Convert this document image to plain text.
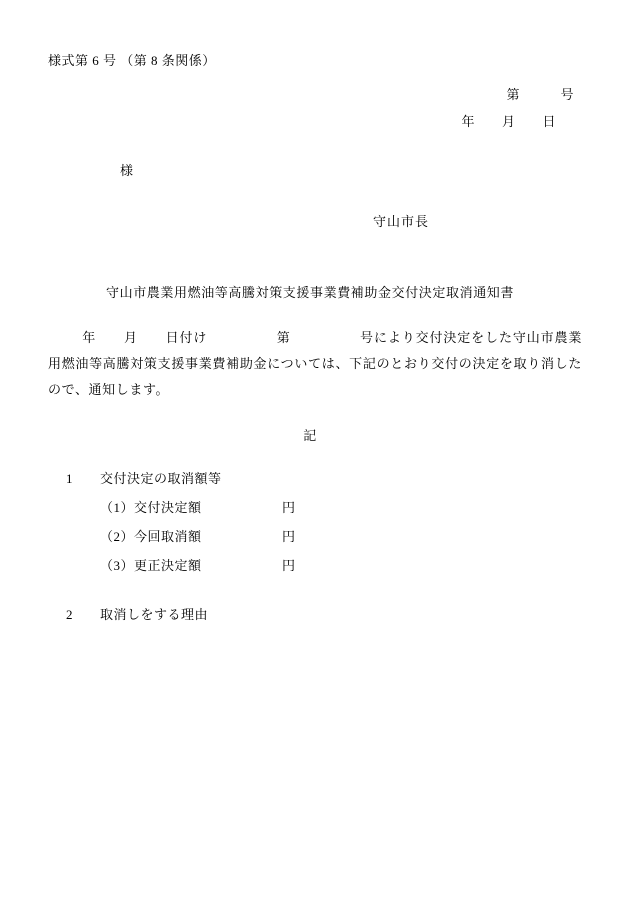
様式第 6 号 （第 8 条関係）
第　　　号
年　　月　　日
様
守山市長
守山市農業用燃油等高騰対策支援事業費補助金交付決定取消通知書
年　　月　　日付け　　　　　第　　　　　号により交付決定をした守山市農業用燃油等高騰対策支援事業費補助金については、下記のとおり交付の決定を取り消したので、通知します。
記
1 交付決定の取消額等
（1）交付決定額	円
（2）今回取消額	円
（3）更正決定額	円
2 取消しをする理由
